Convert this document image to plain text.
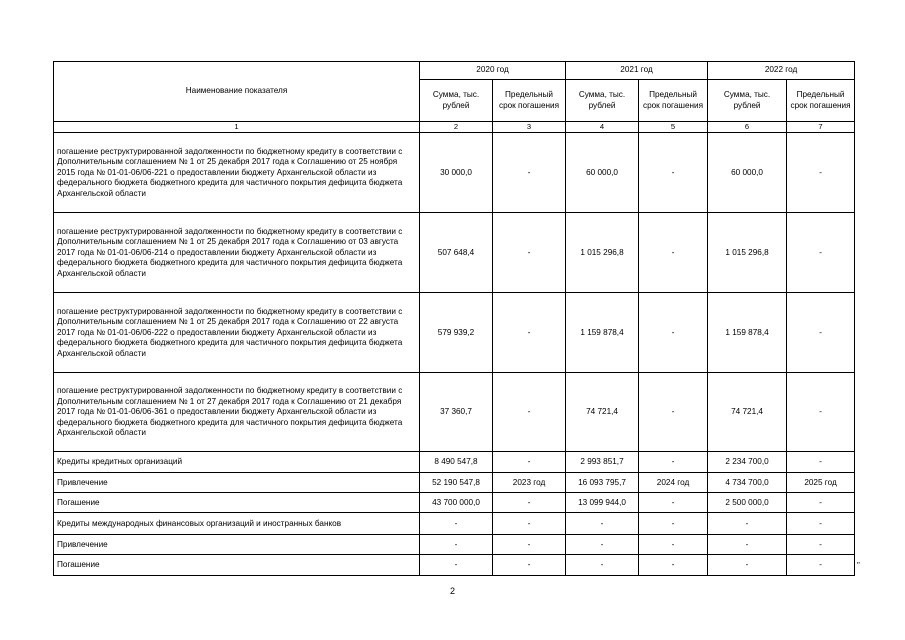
Наименование показателя	2020 год		2021 год		2022 год	
	Сумма, тыс. рублей	Предельный срок погашения	Сумма, тыс. рублей	Предельный срок погашения	Сумма, тыс. рублей	Предельный срок погашения
1	2	3	4	5	6	7
погашение реструктурированной задолженности по бюджетному кредиту в соответствии с Дополнительным соглашением № 1 от 25 декабря 2017 года к Соглашению от 25 ноября 2015 года № 01-01-06/06-221 о предоставлении бюджету Архангельской области из федерального бюджета бюджетного кредита для частичного покрытия дефицита бюджета Архангельской области	30 000,0	-	60 000,0	-	60 000,0	-
погашение реструктурированной задолженности по бюджетному кредиту в соответствии с Дополнительным соглашением № 1 от 25 декабря 2017 года к Соглашению от 03 августа 2017 года № 01-01-06/06-214 о предоставлении бюджету Архангельской области из федерального бюджета бюджетного кредита для частичного покрытия дефицита бюджета Архангельской области	507 648,4	-	1 015 296,8	-	1 015 296,8	-
погашение реструктурированной задолженности по бюджетному кредиту в соответствии с Дополнительным соглашением № 1 от 25 декабря 2017 года к Соглашению от 22 августа 2017 года № 01-01-06/06-222 о предоставлении бюджету Архангельской области из федерального бюджета бюджетного кредита для частичного покрытия дефицита бюджета Архангельской области	579 939,2	-	1 159 878,4	-	1 159 878,4	-
погашение реструктурированной задолженности по бюджетному кредиту в соответствии с Дополнительным соглашением № 1 от 27 декабря 2017 года к Соглашению от 21 декабря 2017 года № 01-01-06/06-361 о предоставлении бюджету Архангельской области из федерального бюджета бюджетного кредита для частичного покрытия дефицита бюджета Архангельской области	37 360,7	-	74 721,4	-	74 721,4	-
Кредиты кредитных организаций	8 490 547,8	-	2 993 851,7	-	2 234 700,0	-
Привлечение	52 190 547,8	2023 год	16 093 795,7	2024 год	4 734 700,0	2025 год
Погашение	43 700 000,0	-	13 099 944,0	-	2 500 000,0	-
Кредиты международных финансовых организаций и иностранных банков	-	-	-	-	-	-
Привлечение	-	-	-	-	-	-
Погашение	-	-	-	-	-	-	"
2
